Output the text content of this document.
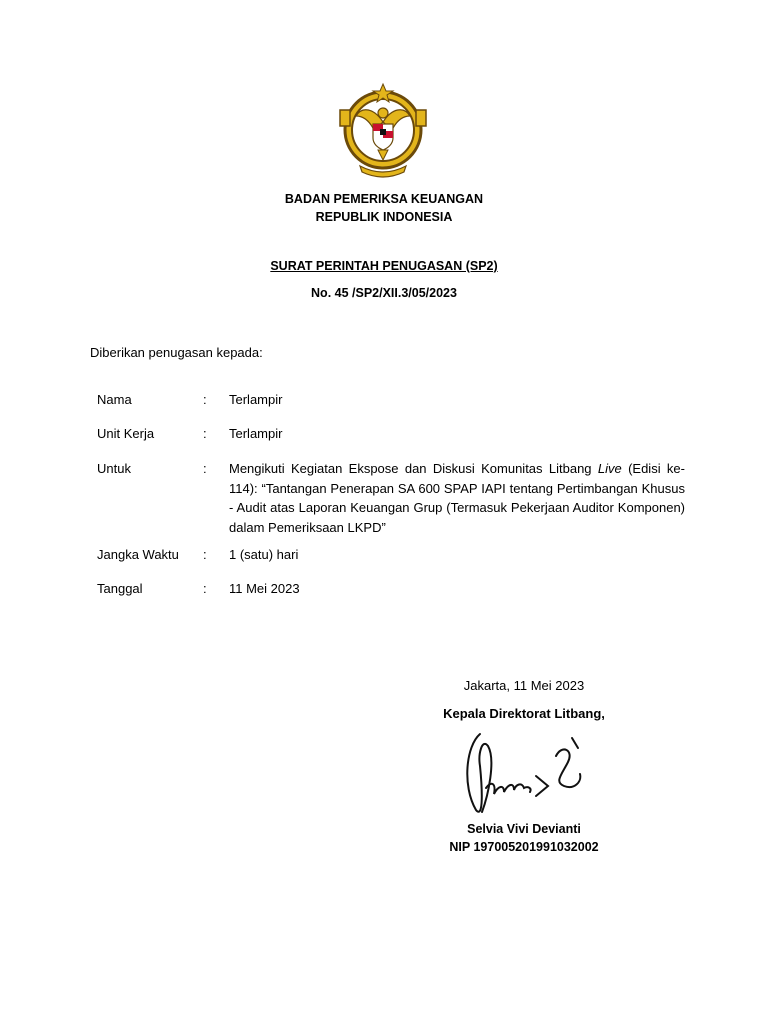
BADAN PEMERIKSA KEUANGAN
REPUBLIK INDONESIA
SURAT PERINTAH PENUGASAN (SP2)
No. 45 /SP2/XII.3/05/2023
Diberikan penugasan kepada:
Nama	: Terlampir
Unit Kerja	: Terlampir
Untuk	: Mengikuti Kegiatan Ekspose dan Diskusi Komunitas Litbang Live (Edisi ke-114): “Tantangan Penerapan SA 600 SPAP IAPI tentang Pertimbangan Khusus - Audit atas Laporan Keuangan Grup (Termasuk Pekerjaan Auditor Komponen) dalam Pemeriksaan LKPD”

Jangka Waktu : 1 (satu) hari
Tanggal	: 11 Mei 2023
Jakarta, 11 Mei 2023
Kepala Direktorat Litbang,
Selvia Vivi Devianti
NIP 197005201991032002
